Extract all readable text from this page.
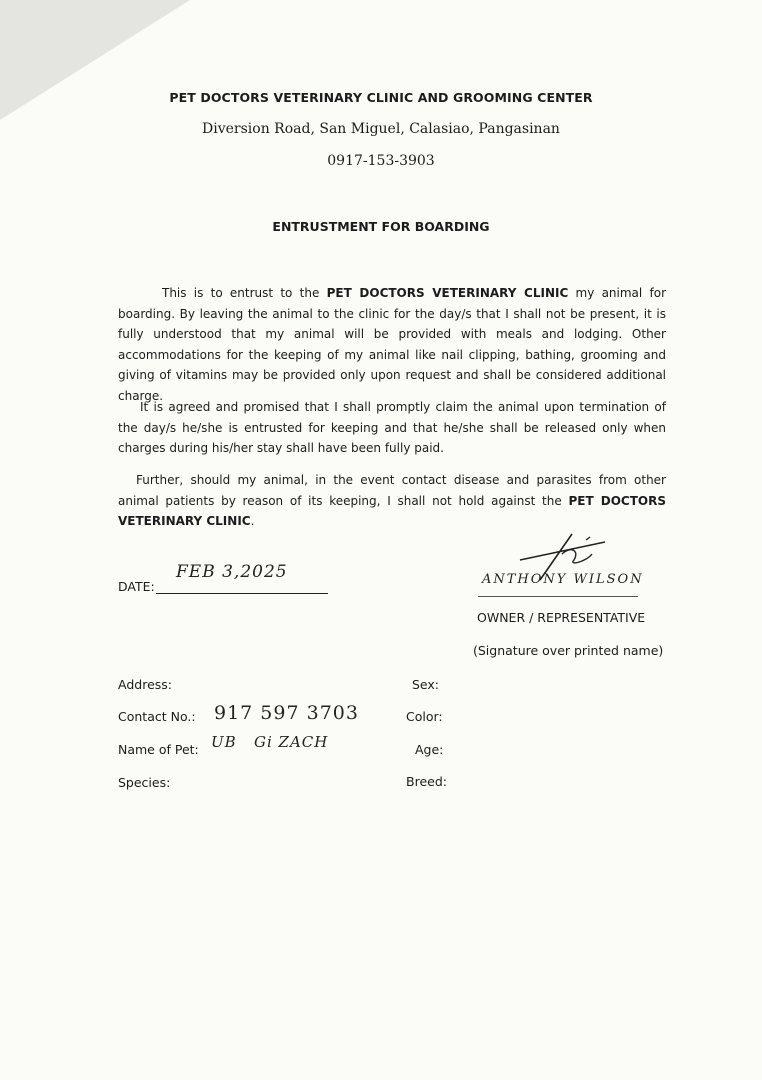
PET DOCTORS VETERINARY CLINIC AND GROOMING CENTER
Diversion Road, San Miguel, Calasiao, Pangasinan
0917-153-3903
ENTRUSTMENT FOR BOARDING
This is to entrust to the PET DOCTORS VETERINARY CLINIC my animal for boarding. By leaving the animal to the clinic for the day/s that I shall not be present, it is fully understood that my animal will be provided with meals and lodging. Other accommodations for the keeping of my animal like nail clipping, bathing, grooming and giving of vitamins may be provided only upon request and shall be considered additional charge.
It is agreed and promised that I shall promptly claim the animal upon termination of the day/s he/she is entrusted for keeping and that he/she shall be released only when charges during his/her stay shall have been fully paid.
Further, should my animal, in the event contact disease and parasites from other animal patients by reason of its keeping, I shall not hold against the PET DOCTORS VETERINARY CLINIC.
DATE:
FEB 3,2025	ANTHONY WILSON
OWNER / REPRESENTATIVE
(Signature over printed name)
Address:
Contact No.: 917 597 3703
Name of Pet: UB   Gi ZACH
Species:
Sex:
Color:
Age:
Breed:
